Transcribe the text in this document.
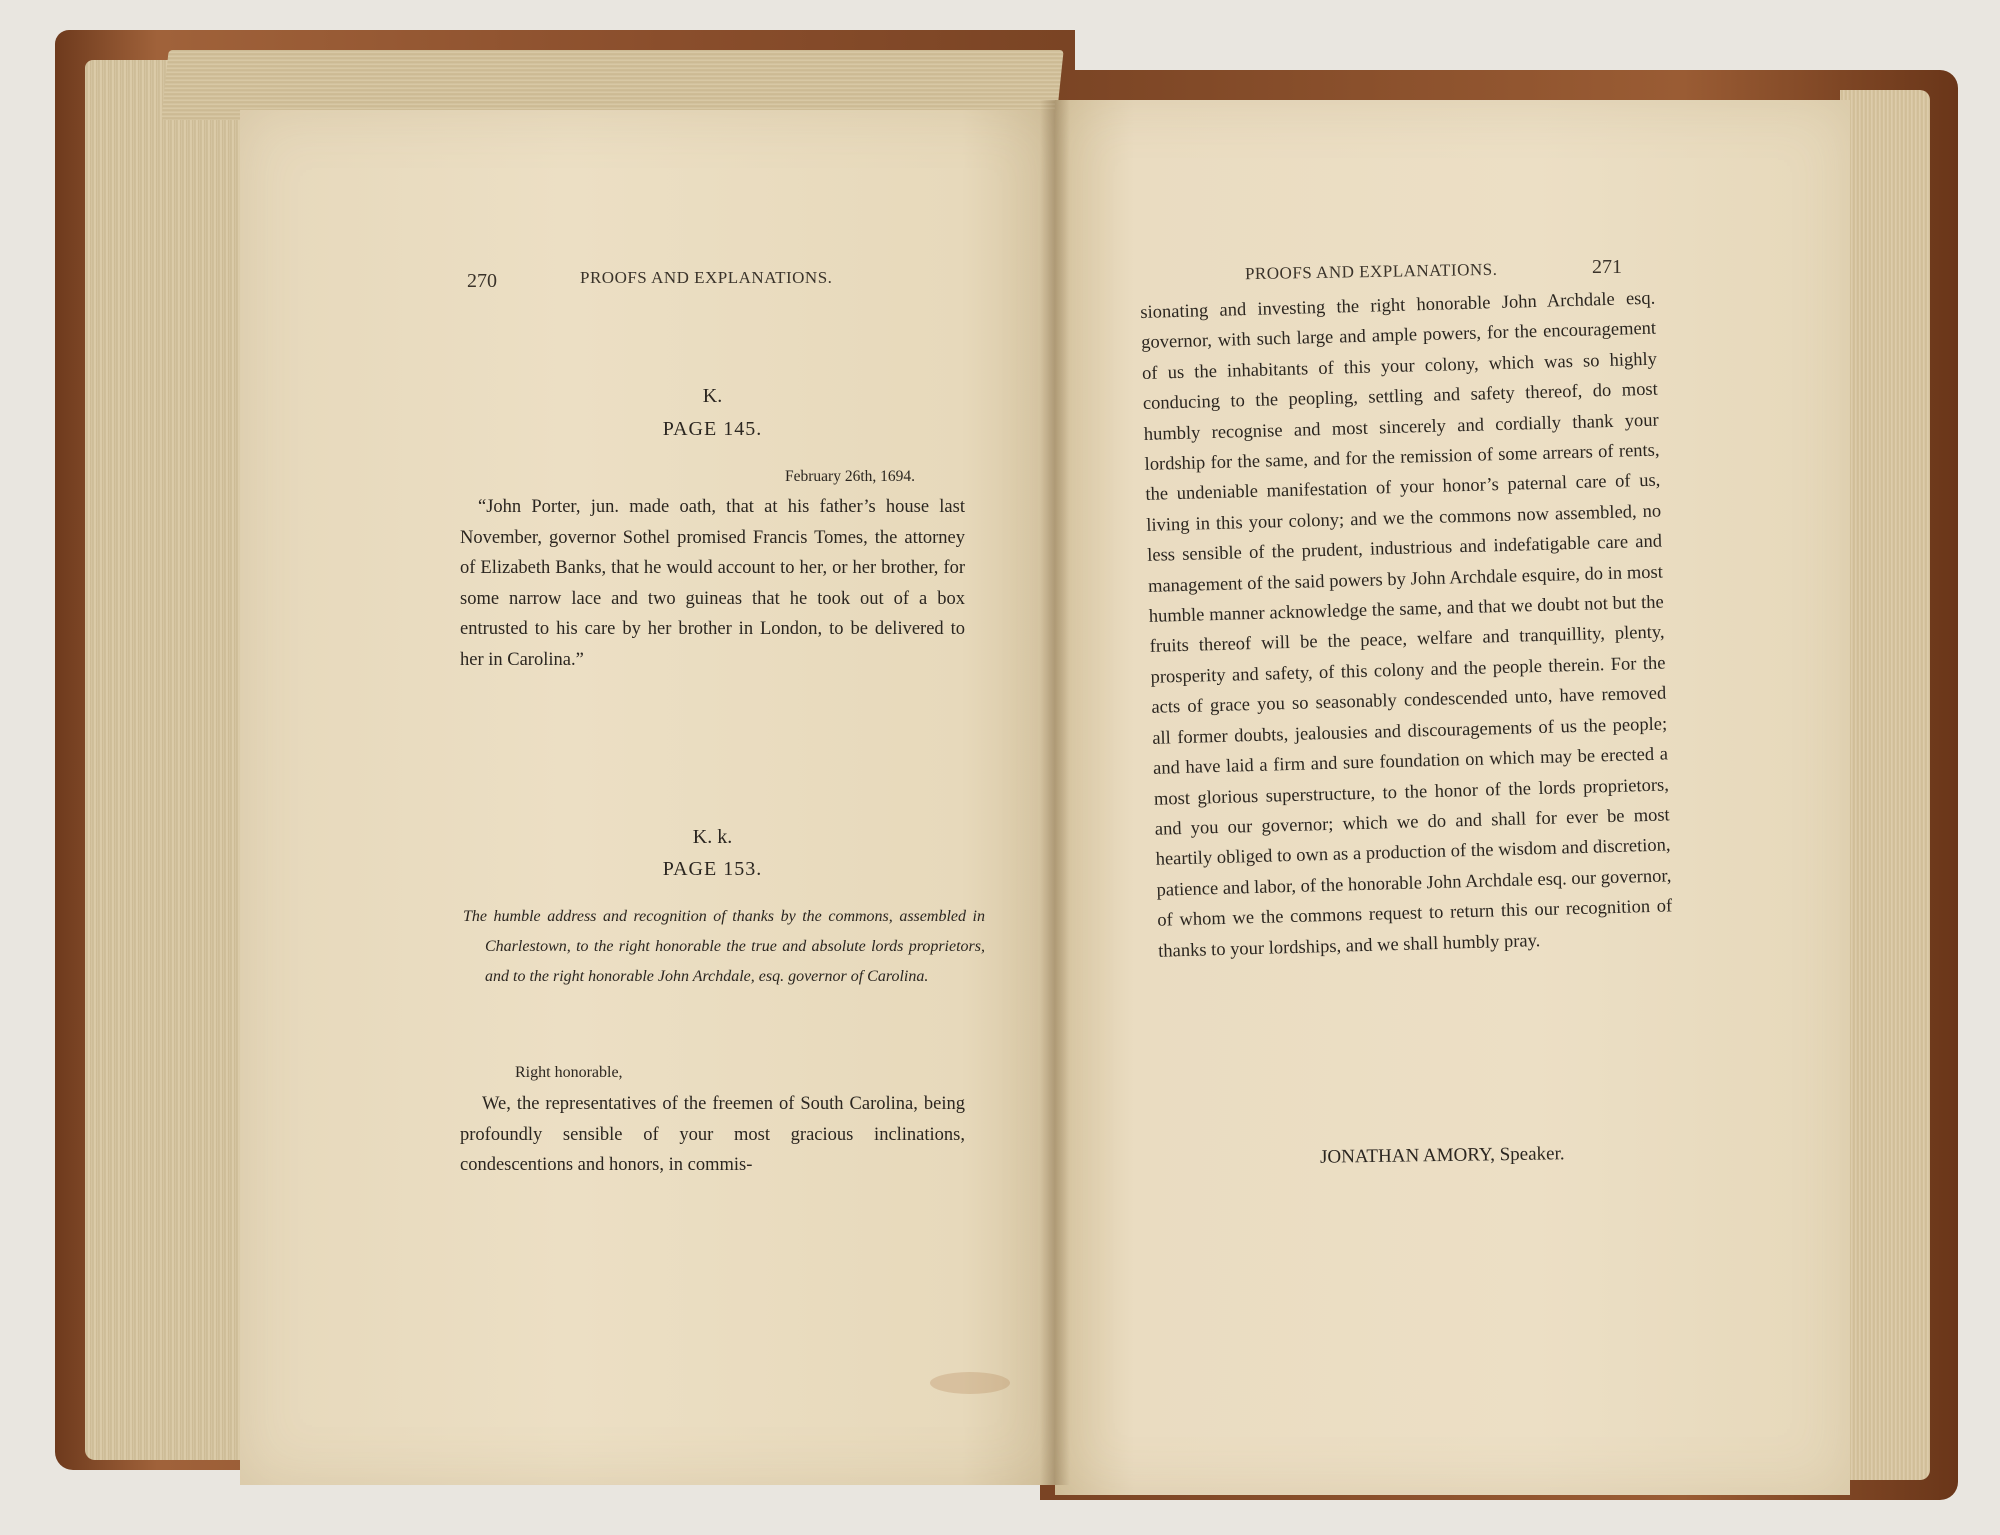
270	PROOFS AND EXPLANATIONS.
K.
PAGE 145.
February 26th, 1694.
“John Porter, jun. made oath, that at his father’s house last November, governor Sothel promised Francis Tomes, the attorney of Elizabeth Banks, that he would account to her, or her brother, for some narrow lace and two guineas that he took out of a box entrusted to his care by her brother in London, to be delivered to her in Carolina.”
K. k.
PAGE 153.
The humble address and recognition of thanks by the commons, assembled in Charlestown, to the right honorable the true and absolute lords proprietors, and to the right honorable John Archdale, esq. governor of Carolina.
Right honorable,
We, the representatives of the freemen of South Carolina, being profoundly sensible of your most gracious inclinations, condescentions and honors, in commis-
PROOFS AND EXPLANATIONS.	271
sionating and investing the right honorable John Archdale esq. governor, with such large and ample powers, for the encouragement of us the inhabitants of this your colony, which was so highly conducing to the peopling, settling and safety thereof, do most humbly recognise and most sincerely and cordially thank your lordship for the same, and for the remission of some arrears of rents, the undeniable manifestation of your honor’s paternal care of us, living in this your colony; and we the commons now assembled, no less sensible of the prudent, industrious and indefatigable care and management of the said powers by John Archdale esquire, do in most humble manner acknowledge the same, and that we doubt not but the fruits thereof will be the peace, welfare and tranquillity, plenty, prosperity and safety, of this colony and the people therein. For the acts of grace you so seasonably condescended unto, have removed all former doubts, jealousies and discouragements of us the people; and have laid a firm and sure foundation on which may be erected a most glorious superstructure, to the honor of the lords proprietors, and you our governor; which we do and shall for ever be most heartily obliged to own as a production of the wisdom and discretion, patience and labor, of the honorable John Archdale esq. our governor, of whom we the commons request to return this our recognition of thanks to your lordships, and we shall humbly pray.
JONATHAN AMORY, Speaker.
